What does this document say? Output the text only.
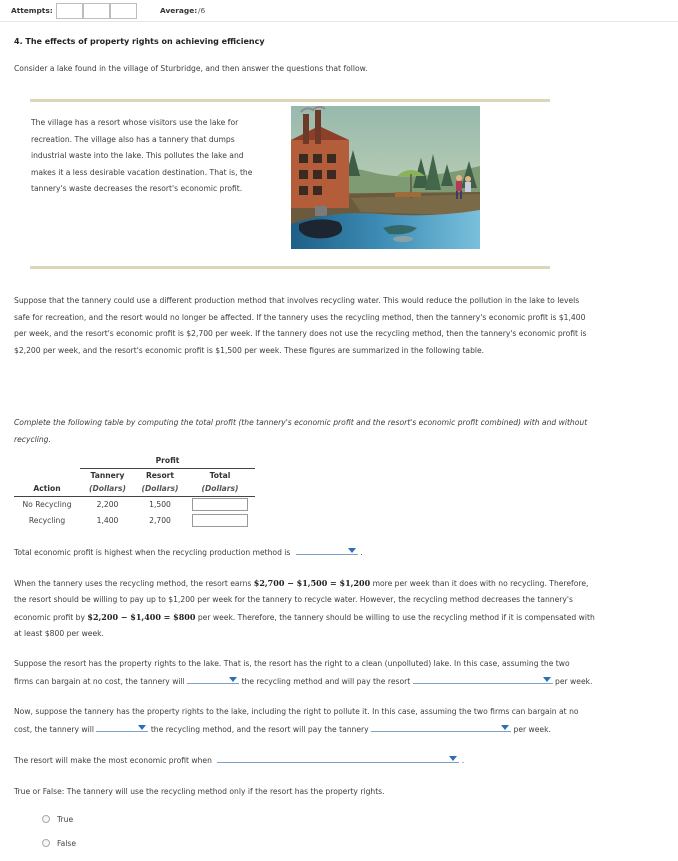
Attempts:	Average: /6
4. The effects of property rights on achieving efficiency
Consider a lake found in the village of Sturbridge, and then answer the questions that follow.
The village has a resort whose visitors use the lake for
recreation. The village also has a tannery that dumps
industrial waste into the lake. This pollutes the lake and
makes it a less desirable vacation destination. That is, the
tannery's waste decreases the resort's economic profit.
Suppose that the tannery could use a different production method that involves recycling water. This would reduce the pollution in the lake to levels
safe for recreation, and the resort would no longer be affected. If the tannery uses the recycling method, then the tannery's economic profit is $1,400
per week, and the resort's economic profit is $2,700 per week. If the tannery does not use the recycling method, then the tannery's economic profit is
$2,200 per week, and the resort's economic profit is $1,500 per week. These figures are summarized in the following table.
Complete the following table by computing the total profit (the tannery's economic profit and the resort's economic profit combined) with and without
recycling.
	Profit		
	Tannery	Resort	Total
Action	(Dollars)	(Dollars)	(Dollars)
No Recycling	2,200	1,500	
Recycling	1,400	2,700	
Total economic profit is highest when the recycling production method is	.
When the tannery uses the recycling method, the resort earns $2,700 − $1,500 = $1,200 more per week than it does with no recycling. Therefore,
the resort should be willing to pay up to $1,200 per week for the tannery to recycle water. However, the recycling method decreases the tannery's
economic profit by $2,200 − $1,400 = $800 per week. Therefore, the tannery should be willing to use the recycling method if it is compensated with
at least $800 per week.
Suppose the resort has the property rights to the lake. That is, the resort has the right to a clean (unpolluted) lake. In this case, assuming the two
firms can bargain at no cost, the tannery will	the recycling method and will pay the resort	per week.
Now, suppose the tannery has the property rights to the lake, including the right to pollute it. In this case, assuming the two firms can bargain at no
cost, the tannery will	the recycling method, and the resort will pay the tannery	per week.
The resort will make the most economic profit when	.
True or False: The tannery will use the recycling method only if the resort has the property rights.
True
False
